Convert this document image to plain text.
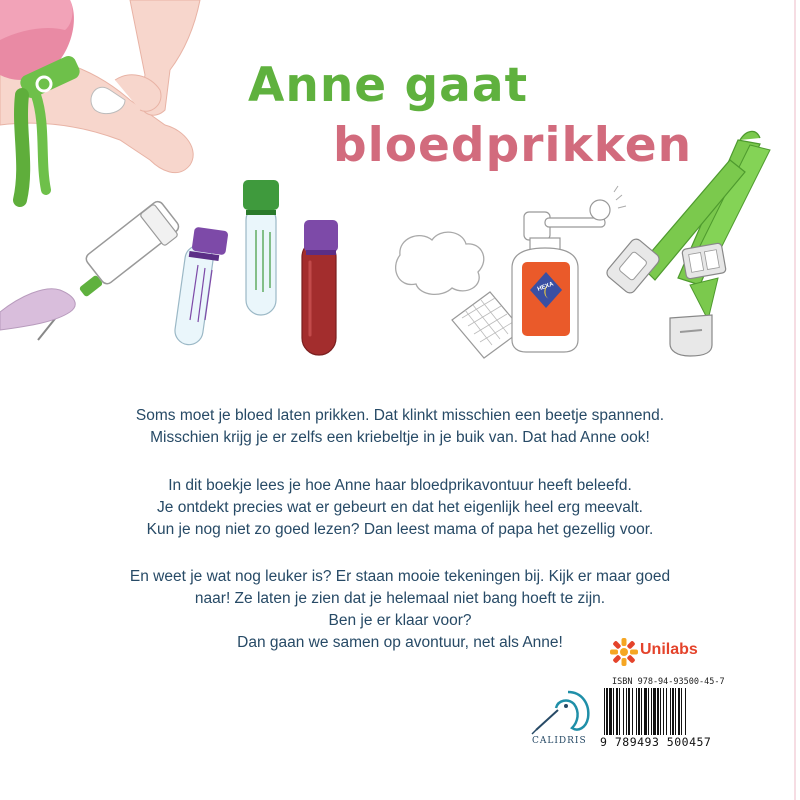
HEXA
Anne gaat
bloedprikken
Soms moet je bloed laten prikken. Dat klinkt misschien een beetje spannend.
Misschien krijg je er zelfs een kriebeltje in je buik van. Dat had Anne ook!
In dit boekje lees je hoe Anne haar bloedprikavontuur heeft beleefd.
Je ontdekt precies wat er gebeurt en dat het eigenlijk heel erg meevalt.
Kun je nog niet zo goed lezen? Dan leest mama of papa het gezellig voor.
En weet je wat nog leuker is? Er staan mooie tekeningen bij. Kijk er maar goed
naar! Ze laten je zien dat je helemaal niet bang hoeft te zijn.
Ben je er klaar voor?
Dan gaan we samen op avontuur, net als Anne!	Unilabs
CALIDRIS
ISBN 978-94-93500-45-7
9 789493 500457
